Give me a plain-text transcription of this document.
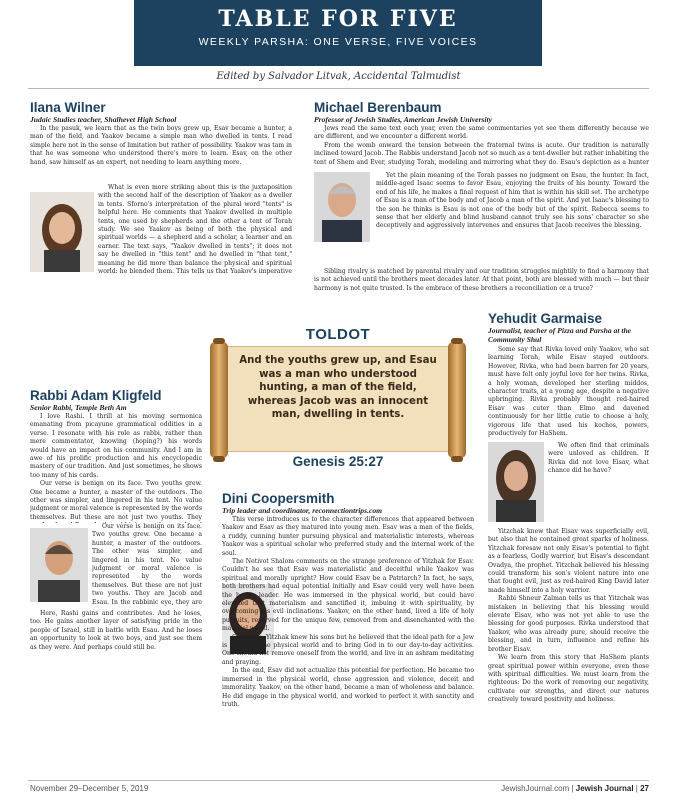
TABLE FOR FIVE
WEEKLY PARSHA: ONE VERSE, FIVE VOICES
Edited by Salvador Litvak, Accidental Talmudist
Ilana Wilner
Judaic Studies teacher, Shalhevet High School

In the pasuk, we learn that as the twin boys grew up, Esav became a hunter, a man of the field, and Yaakov became a simple man who dwelled in tents. I read simple here not in the sense of limitation but rather of possibility. Yaakov was tam in that he was someone who understood there's more to learn. Esav, on the other hand, saw himself as an expert, not needing to learn anything more.

What is even more striking about this is the juxtaposition with the second half of the description of Yaakov as a dweller in tents. Sforno's interpretation of the plural word "tents" is helpful here. He comments that Yaakov dwelled in multiple tents, one used by shepherds and the other a tent of Torah study. We see Yaakov as being of both the physical and spiritual worlds — a shepherd and a scholar, a learner and an earner. The text says, "Yaakov dwelled in tents"; it does not say he dwelled in "this tent" and he dwelled in "that tent," meaning he did more than balance the physical and spiritual world: he blended them. This tells us that Yaakov's imperative

Michael Berenbaum
Professor of Jewish Studies, American Jewish University

Jews read the same text each year, even the same commentaries yet see them differently because we are different, and we encounter a different world.

From the womb onward the tension between the fraternal twins is acute. Our tradition is naturally inclined toward Jacob. The Rabbis understand Jacob not so much as a tent-dweller but rather inhabiting the tent of Shem and Ever, studying Torah, modeling and mirroring what they do. Esau's depiction as a hunter

Yet the plain meaning of the Torah passes no judgment on Esau, the hunter. In fact, middle-aged Isaac seems to favor Esau, enjoying the fruits of his bounty. Toward the end of his life, he makes a final request of him that is within his skill set. The archetype of Esau is a man of the body and of Jacob a man of the spirit. And yet Isaac's blessing to the son he thinks is Esau is not one of the body but of the spirit. Rebecca seems to sense that her elderly and blind husband cannot truly see his sons' character so she deceptively and aggressively intervenes and ensures that Jacob receives the blessing.

Sibling rivalry is matched by parental rivalry and our tradition struggles mightily to find a harmony that is not achieved until the brothers meet decades later. At that point, both are blessed with much — but their harmony is not quite trusted. Is the embrace of these brothers a reconciliation or a truce?

TOLDOT
And the youths grew up, and Esau was a man who understood hunting, a man of the field, whereas Jacob was an innocent man, dwelling in tents.
Genesis 25:27
Rabbi Adam Kligfeld
Senior Rabbi, Temple Beth Am

I love Rashi. I thrill at his moving sermonica emanating from picayune grammatical oddities in a verse. I resonate with his role as rabbi, rather than mere commentator, knowing (hoping?) his words would have an impact on his community. And I am in awe of his prolific production and his encyclopedic mastery of our tradition. And just sometimes, he shows too many of his cards.

Our verse is benign on its face. Two youths grew. One became a hunter, a master of the outdoors. The other was simpler, and lingered in his tent. No value judgment or moral valence is represented by the words themselves. But these are not just two youths. They

Our verse is benign on its face. Two youths grew. One became a hunter, a master of the outdoors. The other was simpler, and lingered in his tent. No value judgment or moral valence is represented by the words themselves. But these are not just two youths. They are Jacob and Esau. In the rabbinic eye, they are

Here, Rashi gains and contributes. And he loses, too. He gains another layer of satisfying pride in the people of Israel, still in battle with Esau. And he loses an opportunity to look at two boys, and just see them as they were. And perhaps could still be.

Dini Coopersmith
Trip leader and coordinator, reconnectiontrips.com

This verse introduces us to the character differences that appeared between Yaakov and Esav as they matured into young men. Esav was a man of the fields, a ruddy, cunning hunter pursuing physical and materialistic interests, whereas Yaakov was a spiritual scholar who preferred study and the internal work of the soul.

The Netivot Shalom comments on the strange preference of Yitzhak for Esav. Couldn't he see that Esav was materialistic and deceitful while Yaakov was spiritual and morally upright? How could Esav be a Patriarch? In fact, he says, both brothers had equal potential initially and Esav could very well have been the better leader. He was immersed in the physical world, but could have elevated that materialism and sanctified it, imbuing it with spirituality, by overcoming his evil inclinations. Yaakov, on the other hand, lived a life of holy pursuits, reserved for the unique few, removed from and disenchanted with the material world.

Of course, Yitzhak knew his sons but he believed that the ideal path for a Jew is to live in the physical world and to bring God in to our day-to-day activities. One should not remove oneself from the world, and live in an ashram meditating and praying.

In the end, Esav did not actualize this potential for perfection. He became too immersed in the physical world, chose aggression and violence, deceit and immorality. Yaakov, on the other hand, became a man of wholeness and balance. He did engage in the physical world, and worked to perfect it with sanctity and truth.

Yehudit Garmaise
Journalist, teacher of Pizza and Parsha at the Community Shul

Some say that Rivka loved only Yaakov, who sat learning Torah, while Eisav stayed outdoors. However, Rivka, who had been barren for 20 years, must have felt only joyful love for her twins. Rivka, a holy woman, developed her sterling middos, character traits, at a young age, despite a negative upbringing. Rivka probably thought red-haired Eisav was cuter than Elmo and davened continuously for her little cutie to choose a holy, vigorous life that used his kochos, powers, productively for HaShem.

We often find that criminals were unloved as children. If Rivka did not love Eisav, what chance did he have?

Yitzchak knew that Eisav was superficially evil, but also that he contained great sparks of holiness. Yitzchak foresaw not only Eisav's potential to fight as a fearless, Godly warrior, but Eisav's descendant Ovadya, the prophet. Yitzchak believed his blessing could transform his son's violent nature into one that fought evil, just as red-haired King David later made himself into a holy warrior.

Rabbi Shneur Zalman tells us that Yitzchak was mistaken in believing that his blessing would elevate Eisav, who was not yet able to use the blessing for good purposes. Rivka understood that Yaakov, who was already pure, should receive the blessing, and in turn, influence and refine his brother Eisav.

We learn from this story that HaShem plants great spiritual power within everyone, even those with spiritual difficulties. We must learn from the righteous: Do the work of removing our negativity, cultivate our strengths, and direct our natures creatively toward positivity and holiness.

November 29–December 5, 2019	JewishJournal.com | Jewish Journal | 27
